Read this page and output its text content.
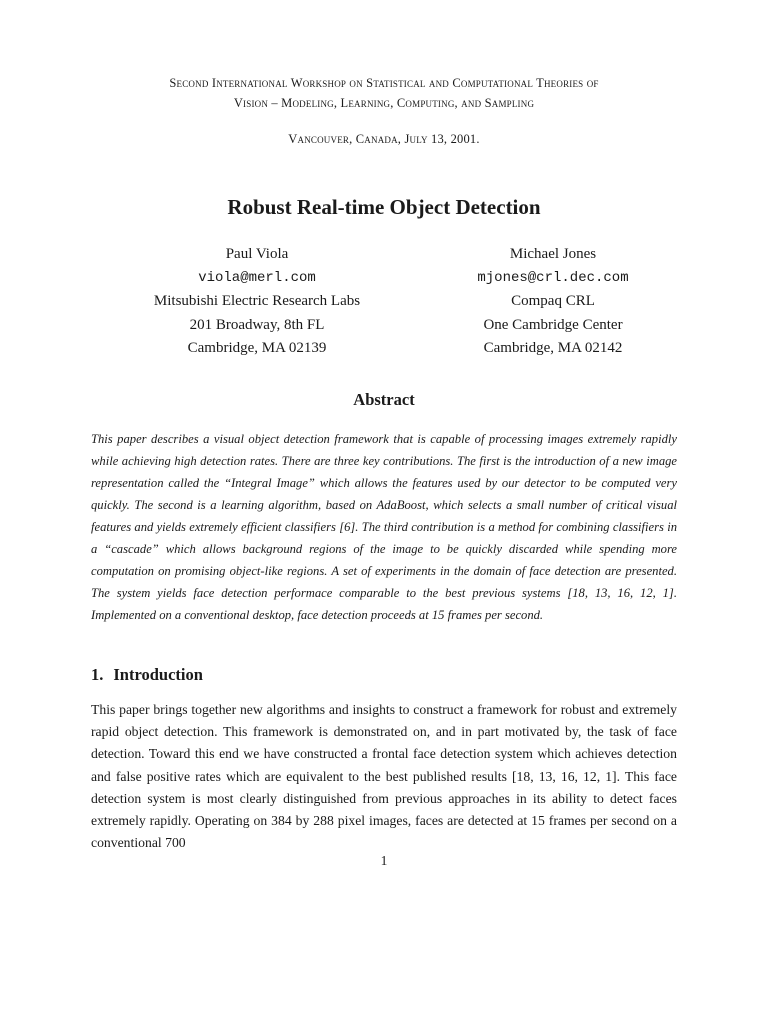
Second International Workshop on Statistical and Computational Theories of
Vision – Modeling, Learning, Computing, and Sampling
Vancouver, Canada, July 13, 2001.
Robust Real-time Object Detection
Paul Viola
viola@merl.com
Mitsubishi Electric Research Labs
201 Broadway, 8th FL
Cambridge, MA 02139
Michael Jones
mjones@crl.dec.com
Compaq CRL
One Cambridge Center
Cambridge, MA 02142
Abstract
This paper describes a visual object detection framework that is capable of processing images extremely rapidly while achieving high detection rates. There are three key contributions. The first is the introduction of a new image representation called the “Integral Image” which allows the features used by our detector to be computed very quickly. The second is a learning algorithm, based on AdaBoost, which selects a small number of critical visual features and yields extremely efficient classifiers [6]. The third contribution is a method for combining classifiers in a “cascade” which allows background regions of the image to be quickly discarded while spending more computation on promising object-like regions. A set of experiments in the domain of face detection are presented. The system yields face detection performace comparable to the best previous systems [18, 13, 16, 12, 1]. Implemented on a conventional desktop, face detection proceeds at 15 frames per second.
1. Introduction
This paper brings together new algorithms and insights to construct a framework for robust and extremely rapid object detection. This framework is demonstrated on, and in part motivated by, the task of face detection. Toward this end we have constructed a frontal face detection system which achieves detection and false positive rates which are equivalent to the best published results [18, 13, 16, 12, 1]. This face detection system is most clearly distinguished from previous approaches in its ability to detect faces extremely rapidly. Operating on 384 by 288 pixel images, faces are detected at 15 frames per second on a conventional 700
1
